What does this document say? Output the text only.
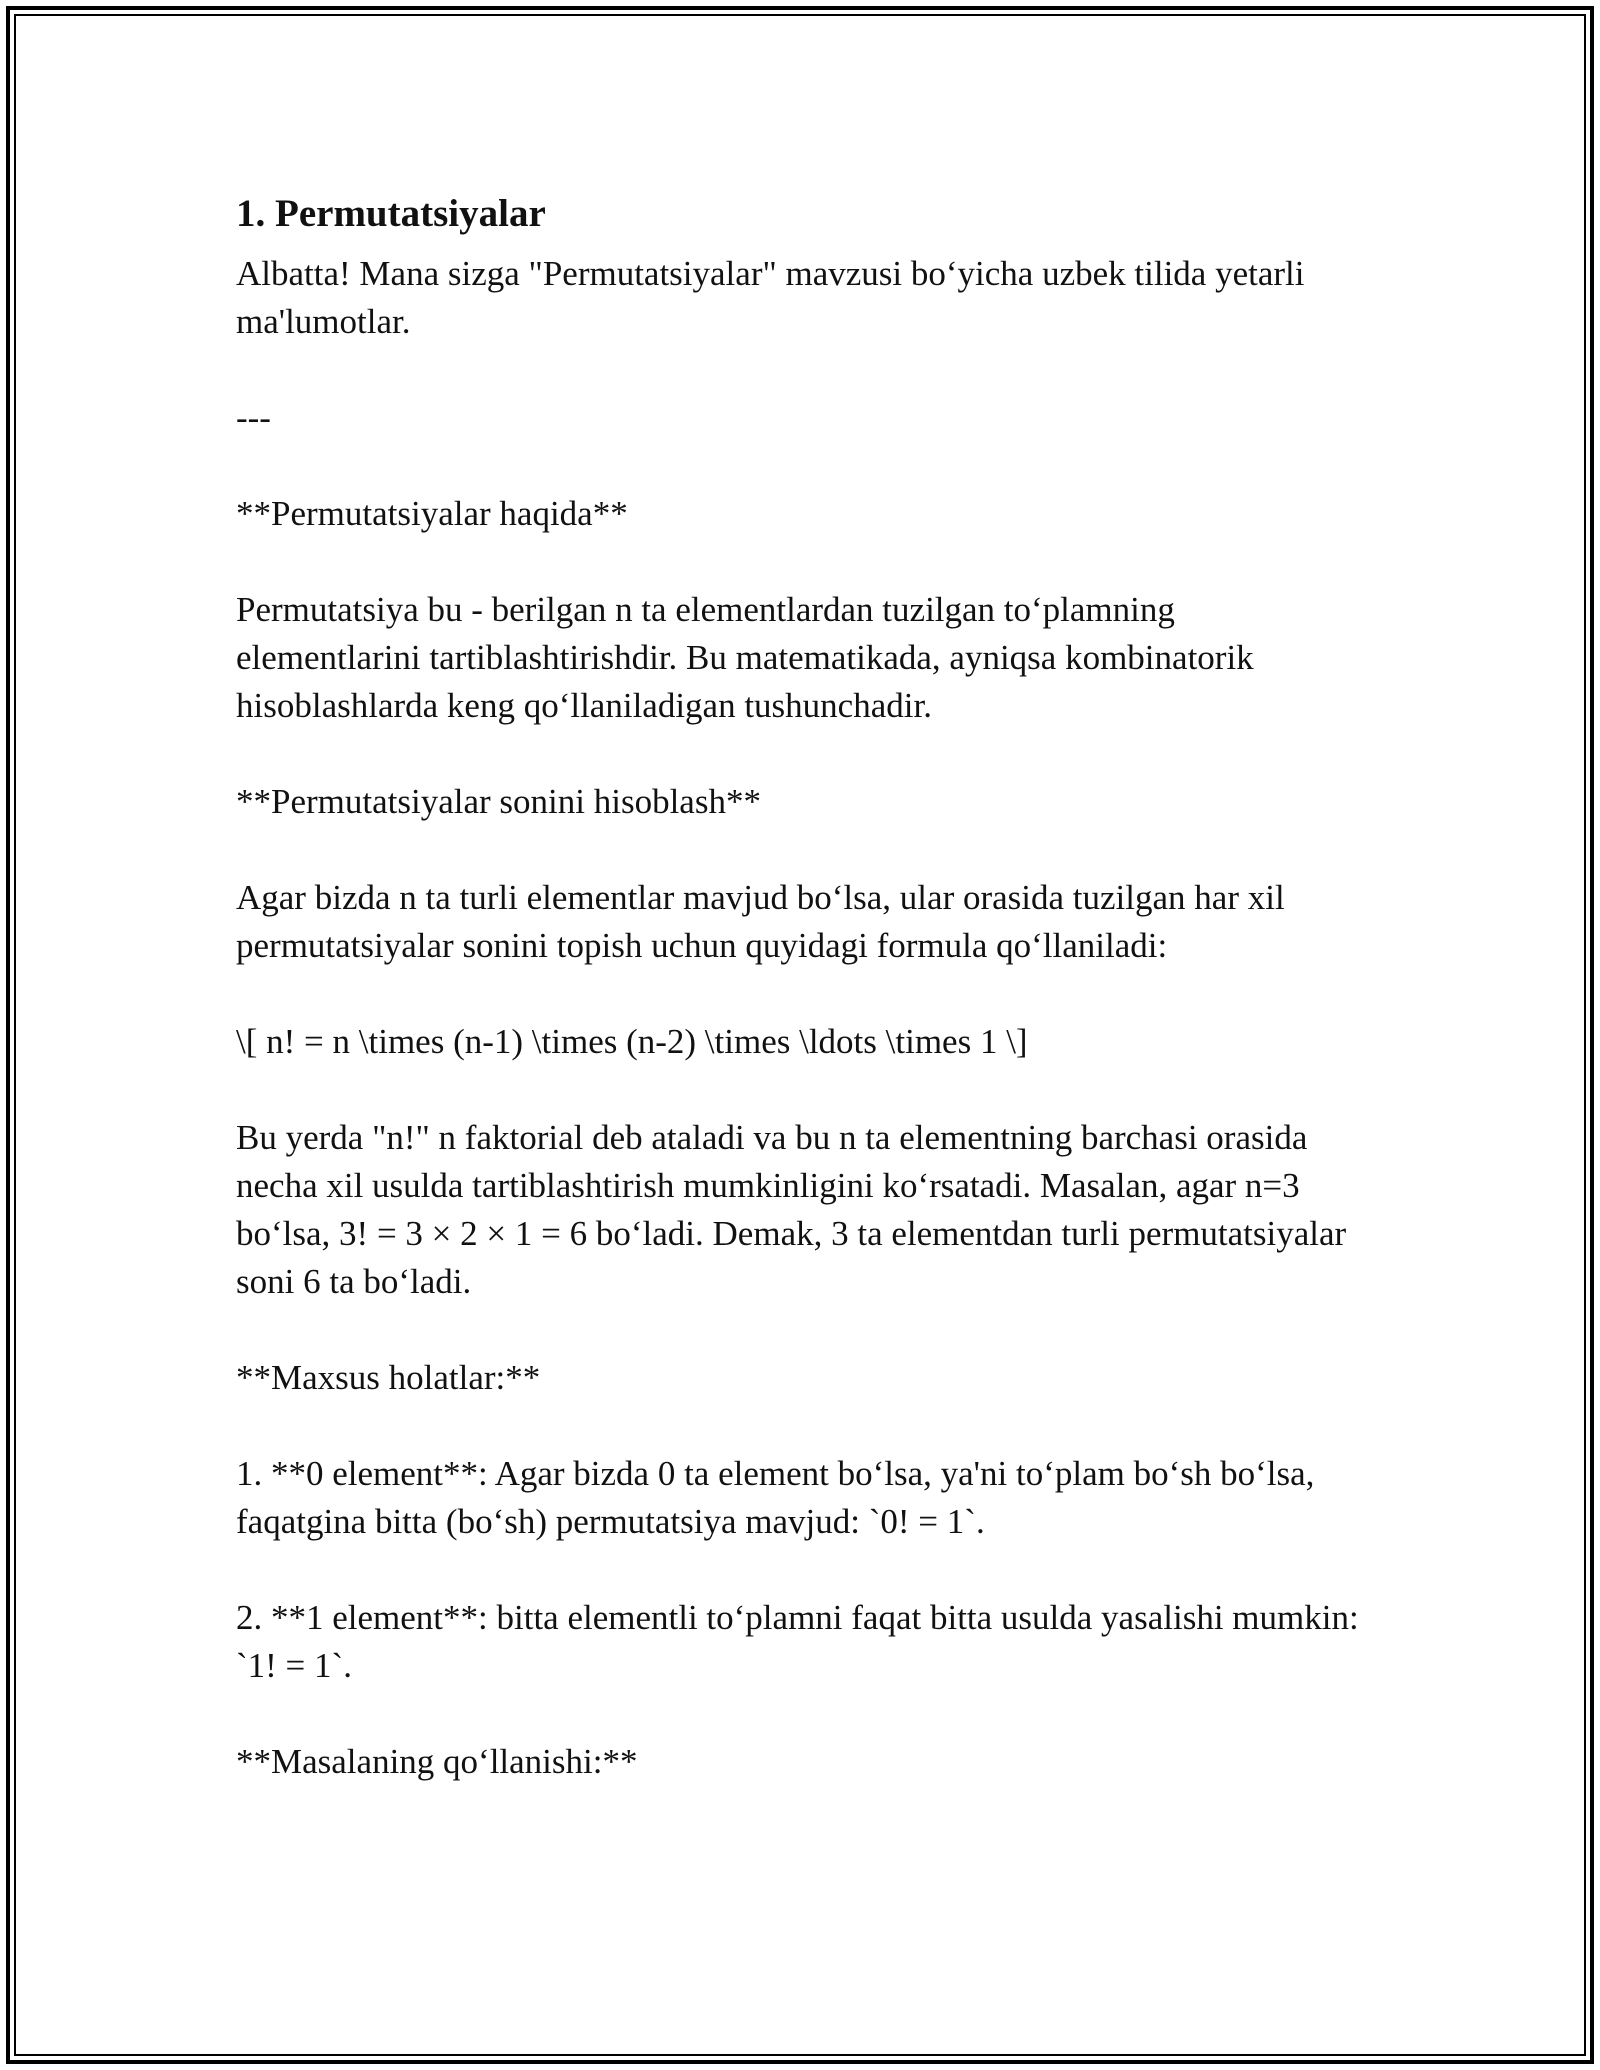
1. Permutatsiyalar

Albatta! Mana sizga "Permutatsiyalar" mavzusi bo‘yicha uzbek tilida yetarli ma'lumotlar.

---

**Permutatsiyalar haqida**

Permutatsiya bu - berilgan n ta elementlardan tuzilgan to‘plamning elementlarini tartiblashtirishdir. Bu matematikada, ayniqsa kombinatorik hisoblashlarda keng qo‘llaniladigan tushunchadir.

**Permutatsiyalar sonini hisoblash**

Agar bizda n ta turli elementlar mavjud bo‘lsa, ular orasida tuzilgan har xil permutatsiyalar sonini topish uchun quyidagi formula qo‘llaniladi:

\[ n! = n \times (n-1) \times (n-2) \times \ldots \times 1 \]

Bu yerda "n!" n faktorial deb ataladi va bu n ta elementning barchasi orasida necha xil usulda tartiblashtirish mumkinligini ko‘rsatadi. Masalan, agar n=3 bo‘lsa, 3! = 3 × 2 × 1 = 6 bo‘ladi. Demak, 3 ta elementdan turli permutatsiyalar soni 6 ta bo‘ladi.

**Maxsus holatlar:**

1. **0 element**: Agar bizda 0 ta element bo‘lsa, ya'ni to‘plam bo‘sh bo‘lsa, faqatgina bitta (bo‘sh) permutatsiya mavjud: `0! = 1`.

2. **1 element**: bitta elementli to‘plamni faqat bitta usulda yasalishi mumkin: `1! = 1`.

**Masalaning qo‘llanishi:**
